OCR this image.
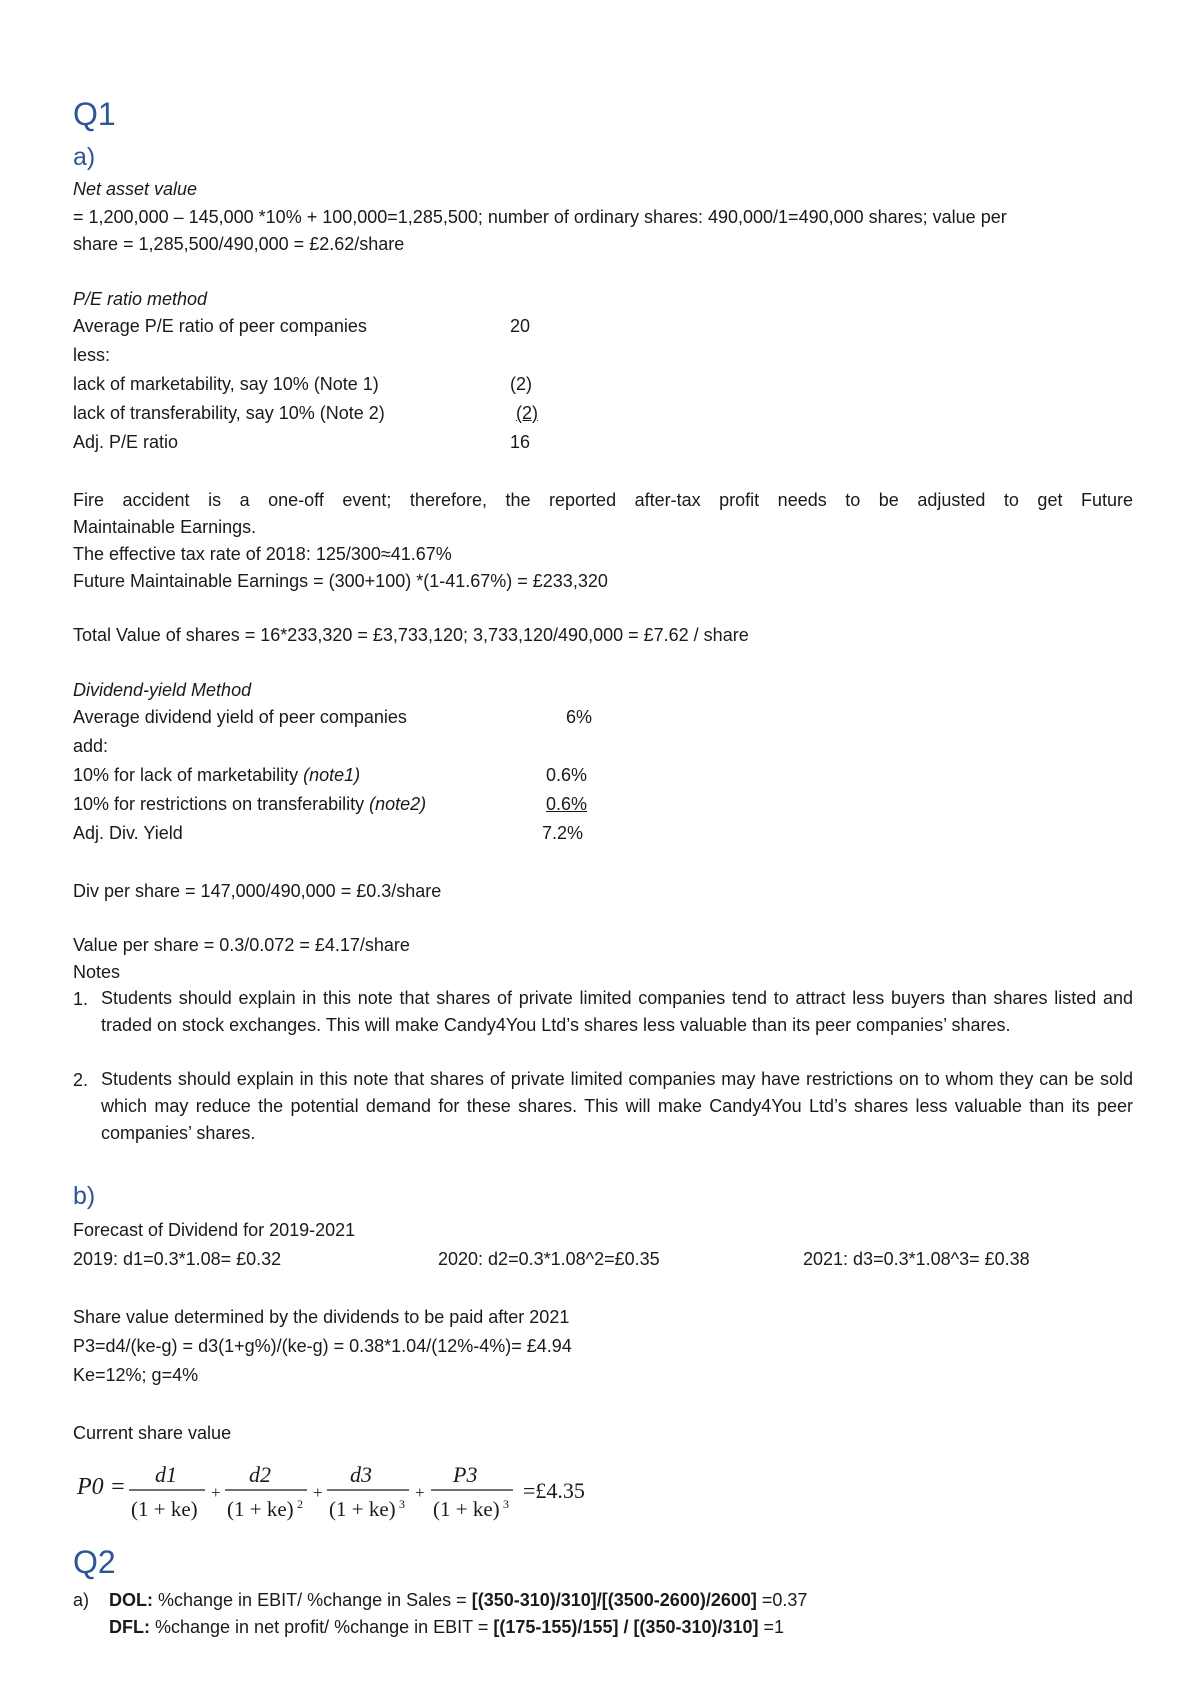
Q1
a)
Net asset value
= 1,200,000 – 145,000 *10% + 100,000=1,285,500; number of ordinary shares: 490,000/1=490,000 shares; value per
share = 1,285,500/490,000 = £2.62/share
P/E ratio method
Average P/E ratio of peer companies	20
less:
lack of marketability, say 10% (Note 1)	(2)
lack of transferability, say 10% (Note 2)	(2)
Adj. P/E ratio	16
Fire accident is a one-off event; therefore, the reported after-tax profit needs to be adjusted to get Future
Maintainable Earnings.
The effective tax rate of 2018: 125/300≈41.67%
Future Maintainable Earnings = (300+100) *(1-41.67%) = £233,320
Total Value of shares = 16*233,320 = £3,733,120; 3,733,120/490,000 = £7.62 / share
Dividend-yield Method
Average dividend yield of peer companies	6%
add:
10% for lack of marketability (note1)	0.6%
10% for restrictions on transferability (note2)	0.6%
Adj. Div. Yield	7.2%
Div per share = 147,000/490,000 = £0.3/share
Value per share = 0.3/0.072 = £4.17/share
Notes
1. Students should explain in this note that shares of private limited companies tend to attract less buyers than shares listed and traded on stock exchanges. This will make Candy4You Ltd’s shares less valuable than its peer companies’ shares.
2. Students should explain in this note that shares of private limited companies may have restrictions on to whom they can be sold which may reduce the potential demand for these shares. This will make Candy4You Ltd’s shares less valuable than its peer companies’ shares.
b)
Forecast of Dividend for 2019-2021
2019: d1=0.3*1.08= £0.32	2020: d2=0.3*1.08^2=£0.35	2021: d3=0.3*1.08^3= £0.38
Share value determined by the dividends to be paid after 2021
P3=d4/(ke-g) = d3(1+g%)/(ke-g) = 0.38*1.04/(12%-4%)= £4.94
Ke=12%; g=4%
Current share value
P0 = d1
(1 + ke)
+
d2
(1 + ke) 2
+
d3
(1 + ke) 3
+
P3
(1 + ke) 3
=£4.35
Q2
a) DOL: %change in EBIT/ %change in Sales = [(350-310)/310]/[(3500-2600)/2600] =0.37
DFL: %change in net profit/ %change in EBIT = [(175-155)/155] / [(350-310)/310] =1
